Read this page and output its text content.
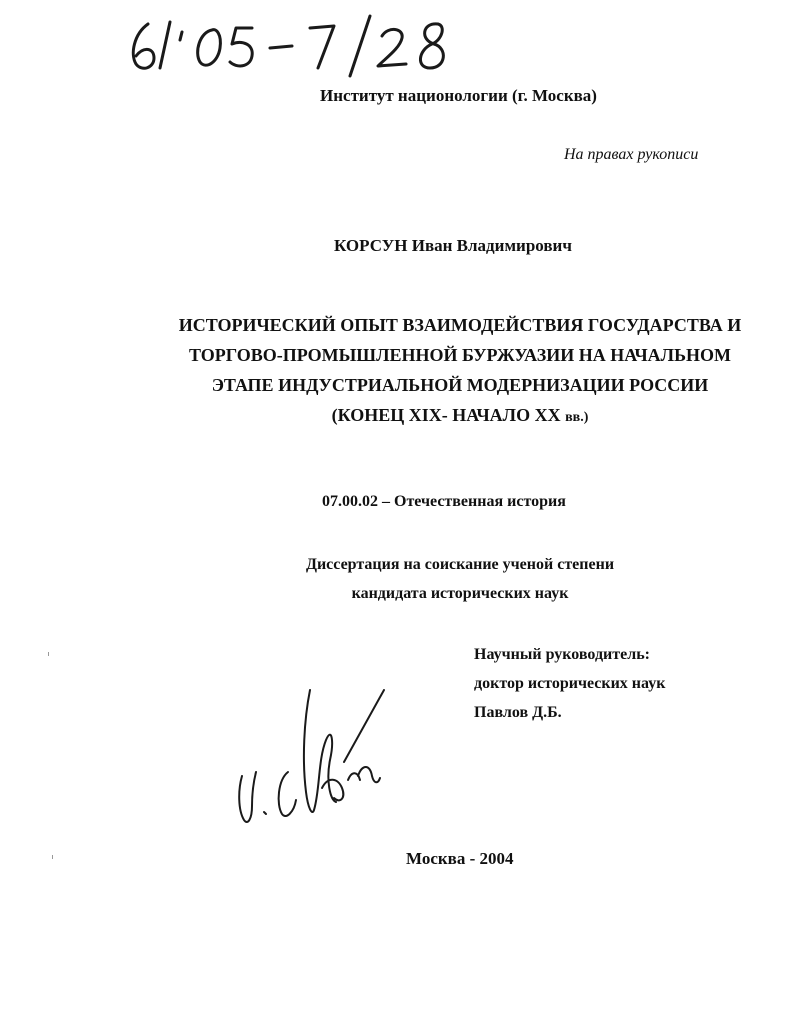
Институт национологии (г. Москва)
На правах рукописи
КОРСУН Иван Владимирович
ИСТОРИЧЕСКИЙ ОПЫТ ВЗАИМОДЕЙСТВИЯ ГОСУДАРСТВА И
ТОРГОВО-ПРОМЫШЛЕННОЙ БУРЖУАЗИИ НА НАЧАЛЬНОМ
ЭТАПЕ ИНДУСТРИАЛЬНОЙ МОДЕРНИЗАЦИИ РОССИИ
(КОНЕЦ XIX- НАЧАЛО XX вв.)
07.00.02 – Отечественная история
Диссертация на соискание ученой степени
кандидата исторических наук
Научный руководитель:
доктор исторических наук
Павлов Д.Б.
Москва - 2004
